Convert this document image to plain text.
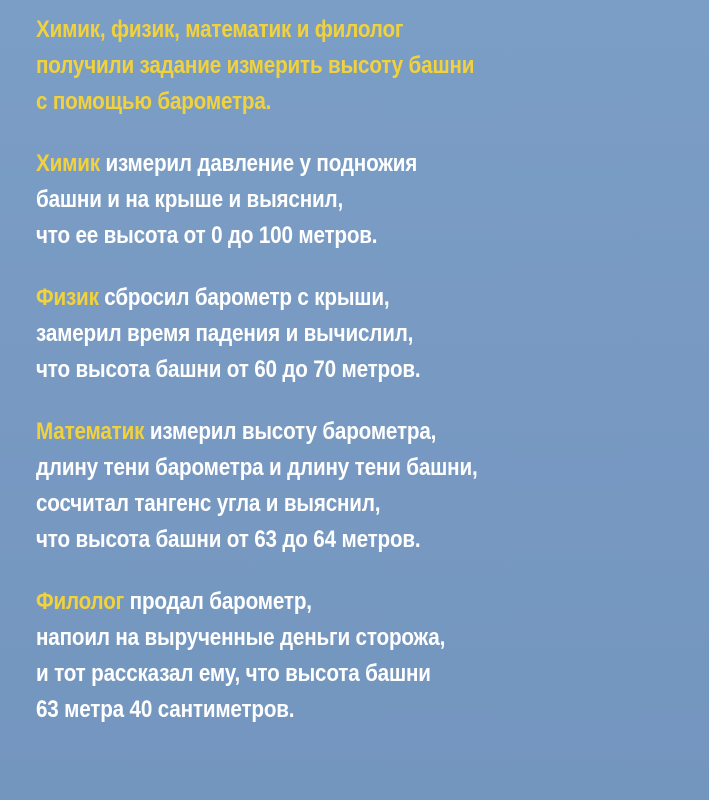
Химик, физик, математик и филолог
получили задание измерить высоту башни
с помощью барометра.
Химик измерил давление у подножия
башни и на крыше и выяснил,
что ее высота от 0 до 100 метров.
Физик сбросил барометр с крыши,
замерил время падения и вычислил,
что высота башни от 60 до 70 метров.
Математик измерил высоту барометра,
длину тени барометра и длину тени башни,
сосчитал тангенс угла и выяснил,
что высота башни от 63 до 64 метров.
Филолог продал барометр,
напоил на вырученные деньги сторожа,
и тот рассказал ему, что высота башни
63 метра 40 сантиметров.
